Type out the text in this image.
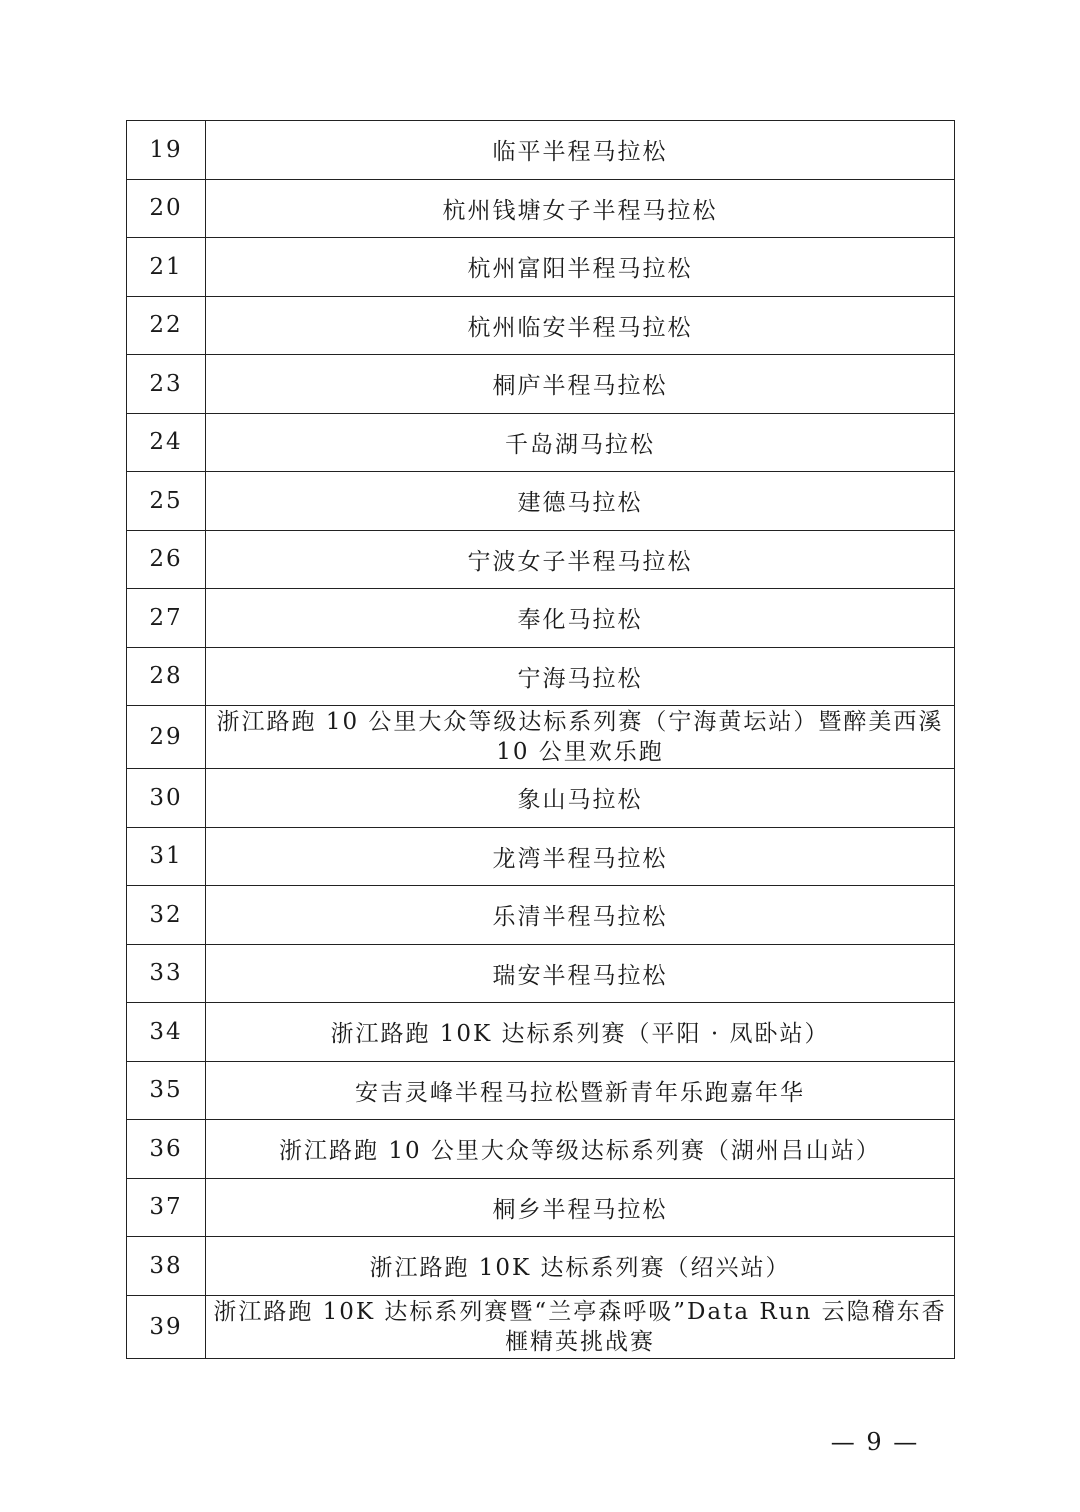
19	临平半程马拉松
20	杭州钱塘女子半程马拉松
21	杭州富阳半程马拉松
22	杭州临安半程马拉松
23	桐庐半程马拉松
24	千岛湖马拉松
25	建德马拉松
26	宁波女子半程马拉松
27	奉化马拉松
28	宁海马拉松
29	浙江路跑 10 公里大众等级达标系列赛（宁海黄坛站）暨醉美西溪 10 公里欢乐跑
30	象山马拉松
31	龙湾半程马拉松
32	乐清半程马拉松
33	瑞安半程马拉松
34	浙江路跑 10K 达标系列赛（平阳 · 凤卧站）
35	安吉灵峰半程马拉松暨新青年乐跑嘉年华
36	浙江路跑 10 公里大众等级达标系列赛（湖州吕山站）
37	桐乡半程马拉松
38	浙江路跑 10K 达标系列赛（绍兴站）
39	浙江路跑 10K 达标系列赛暨“兰亭森呼吸”Data Run 云隐稽东香榧精英挑战赛
— 9 —
